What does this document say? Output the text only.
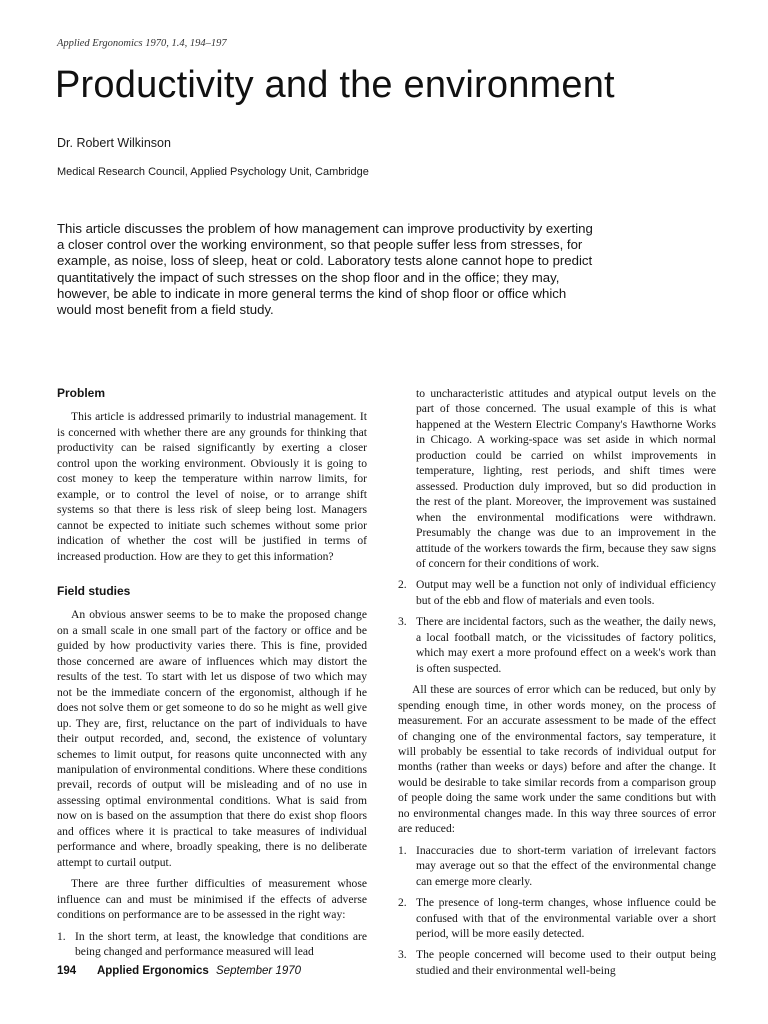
Applied Ergonomics 1970, 1.4, 194–197
Productivity and the environment
Dr. Robert Wilkinson
Medical Research Council, Applied Psychology Unit, Cambridge

This article discusses the problem of how management can improve productivity by exerting a closer control over the working environment, so that people suffer less from stresses, for example, as noise, loss of sleep, heat or cold. Laboratory tests alone cannot hope to predict quantitatively the impact of such stresses on the shop floor and in the office; they may, however, be able to indicate in more general terms the kind of shop floor or office which would most benefit from a field study.

Problem

This article is addressed primarily to industrial management. It is concerned with whether there are any grounds for thinking that productivity can be raised significantly by exerting a closer control upon the working environment. Obviously it is going to cost money to keep the temperature within narrow limits, for example, or to control the level of noise, or to arrange shift systems so that there is less risk of sleep being lost. Managers cannot be expected to initiate such schemes without some prior indication of whether the cost will be justified in terms of increased production. How are they to get this information?

Field studies

An obvious answer seems to be to make the proposed change on a small scale in one small part of the factory or office and be guided by how productivity varies there. This is fine, provided those concerned are aware of influences which may distort the results of the test. To start with let us dispose of two which may not be the immediate concern of the ergonomist, although if he does not solve them or get someone to do so he might as well give up. They are, first, reluctance on the part of individuals to have their output recorded, and, second, the existence of voluntary schemes to limit output, for reasons quite unconnected with any manipulation of environmental conditions. Where these conditions prevail, records of output will be misleading and of no use in assessing optimal environmental conditions. What is said from now on is based on the assumption that there do exist shop floors and offices where it is practical to take measures of individual performance and where, broadly speaking, there is no deliberate attempt to curtail output.

There are three further difficulties of measurement whose influence can and must be minimised if the effects of adverse conditions on performance are to be assessed in the right way:

1. In the short term, at least, the knowledge that conditions are being changed and performance measured will lead

to uncharacteristic attitudes and atypical output levels on the part of those concerned. The usual example of this is what happened at the Western Electric Company's Hawthorne Works in Chicago. A working-space was set aside in which normal production could be carried on whilst improvements in temperature, lighting, rest periods, and shift times were assessed. Production duly improved, but so did production in the rest of the plant. Moreover, the improvement was sustained when the environmental modifications were withdrawn. Presumably the change was due to an improvement in the attitude of the workers towards the firm, because they saw signs of concern for their conditions of work.

2. Output may well be a function not only of individual efficiency but of the ebb and flow of materials and even tools.
3. There are incidental factors, such as the weather, the daily news, a local football match, or the vicissitudes of factory politics, which may exert a more profound effect on a week's work than is often suspected.

All these are sources of error which can be reduced, but only by spending enough time, in other words money, on the process of measurement. For an accurate assessment to be made of the effect of changing one of the environmental factors, say temperature, it will probably be essential to take records of individual output for months (rather than weeks or days) before and after the change. It would be desirable to take similar records from a comparison group of people doing the same work under the same conditions but with no environmental changes made. In this way three sources of error are reduced:

1. Inaccuracies due to short-term variation of irrelevant factors may average out so that the effect of the environmental change can emerge more clearly.
2. The presence of long-term changes, whose influence could be confused with that of the environmental variable over a short period, will be more easily detected.
3. The people concerned will become used to their output being studied and their environmental well-being
194 Applied Ergonomics September 1970
